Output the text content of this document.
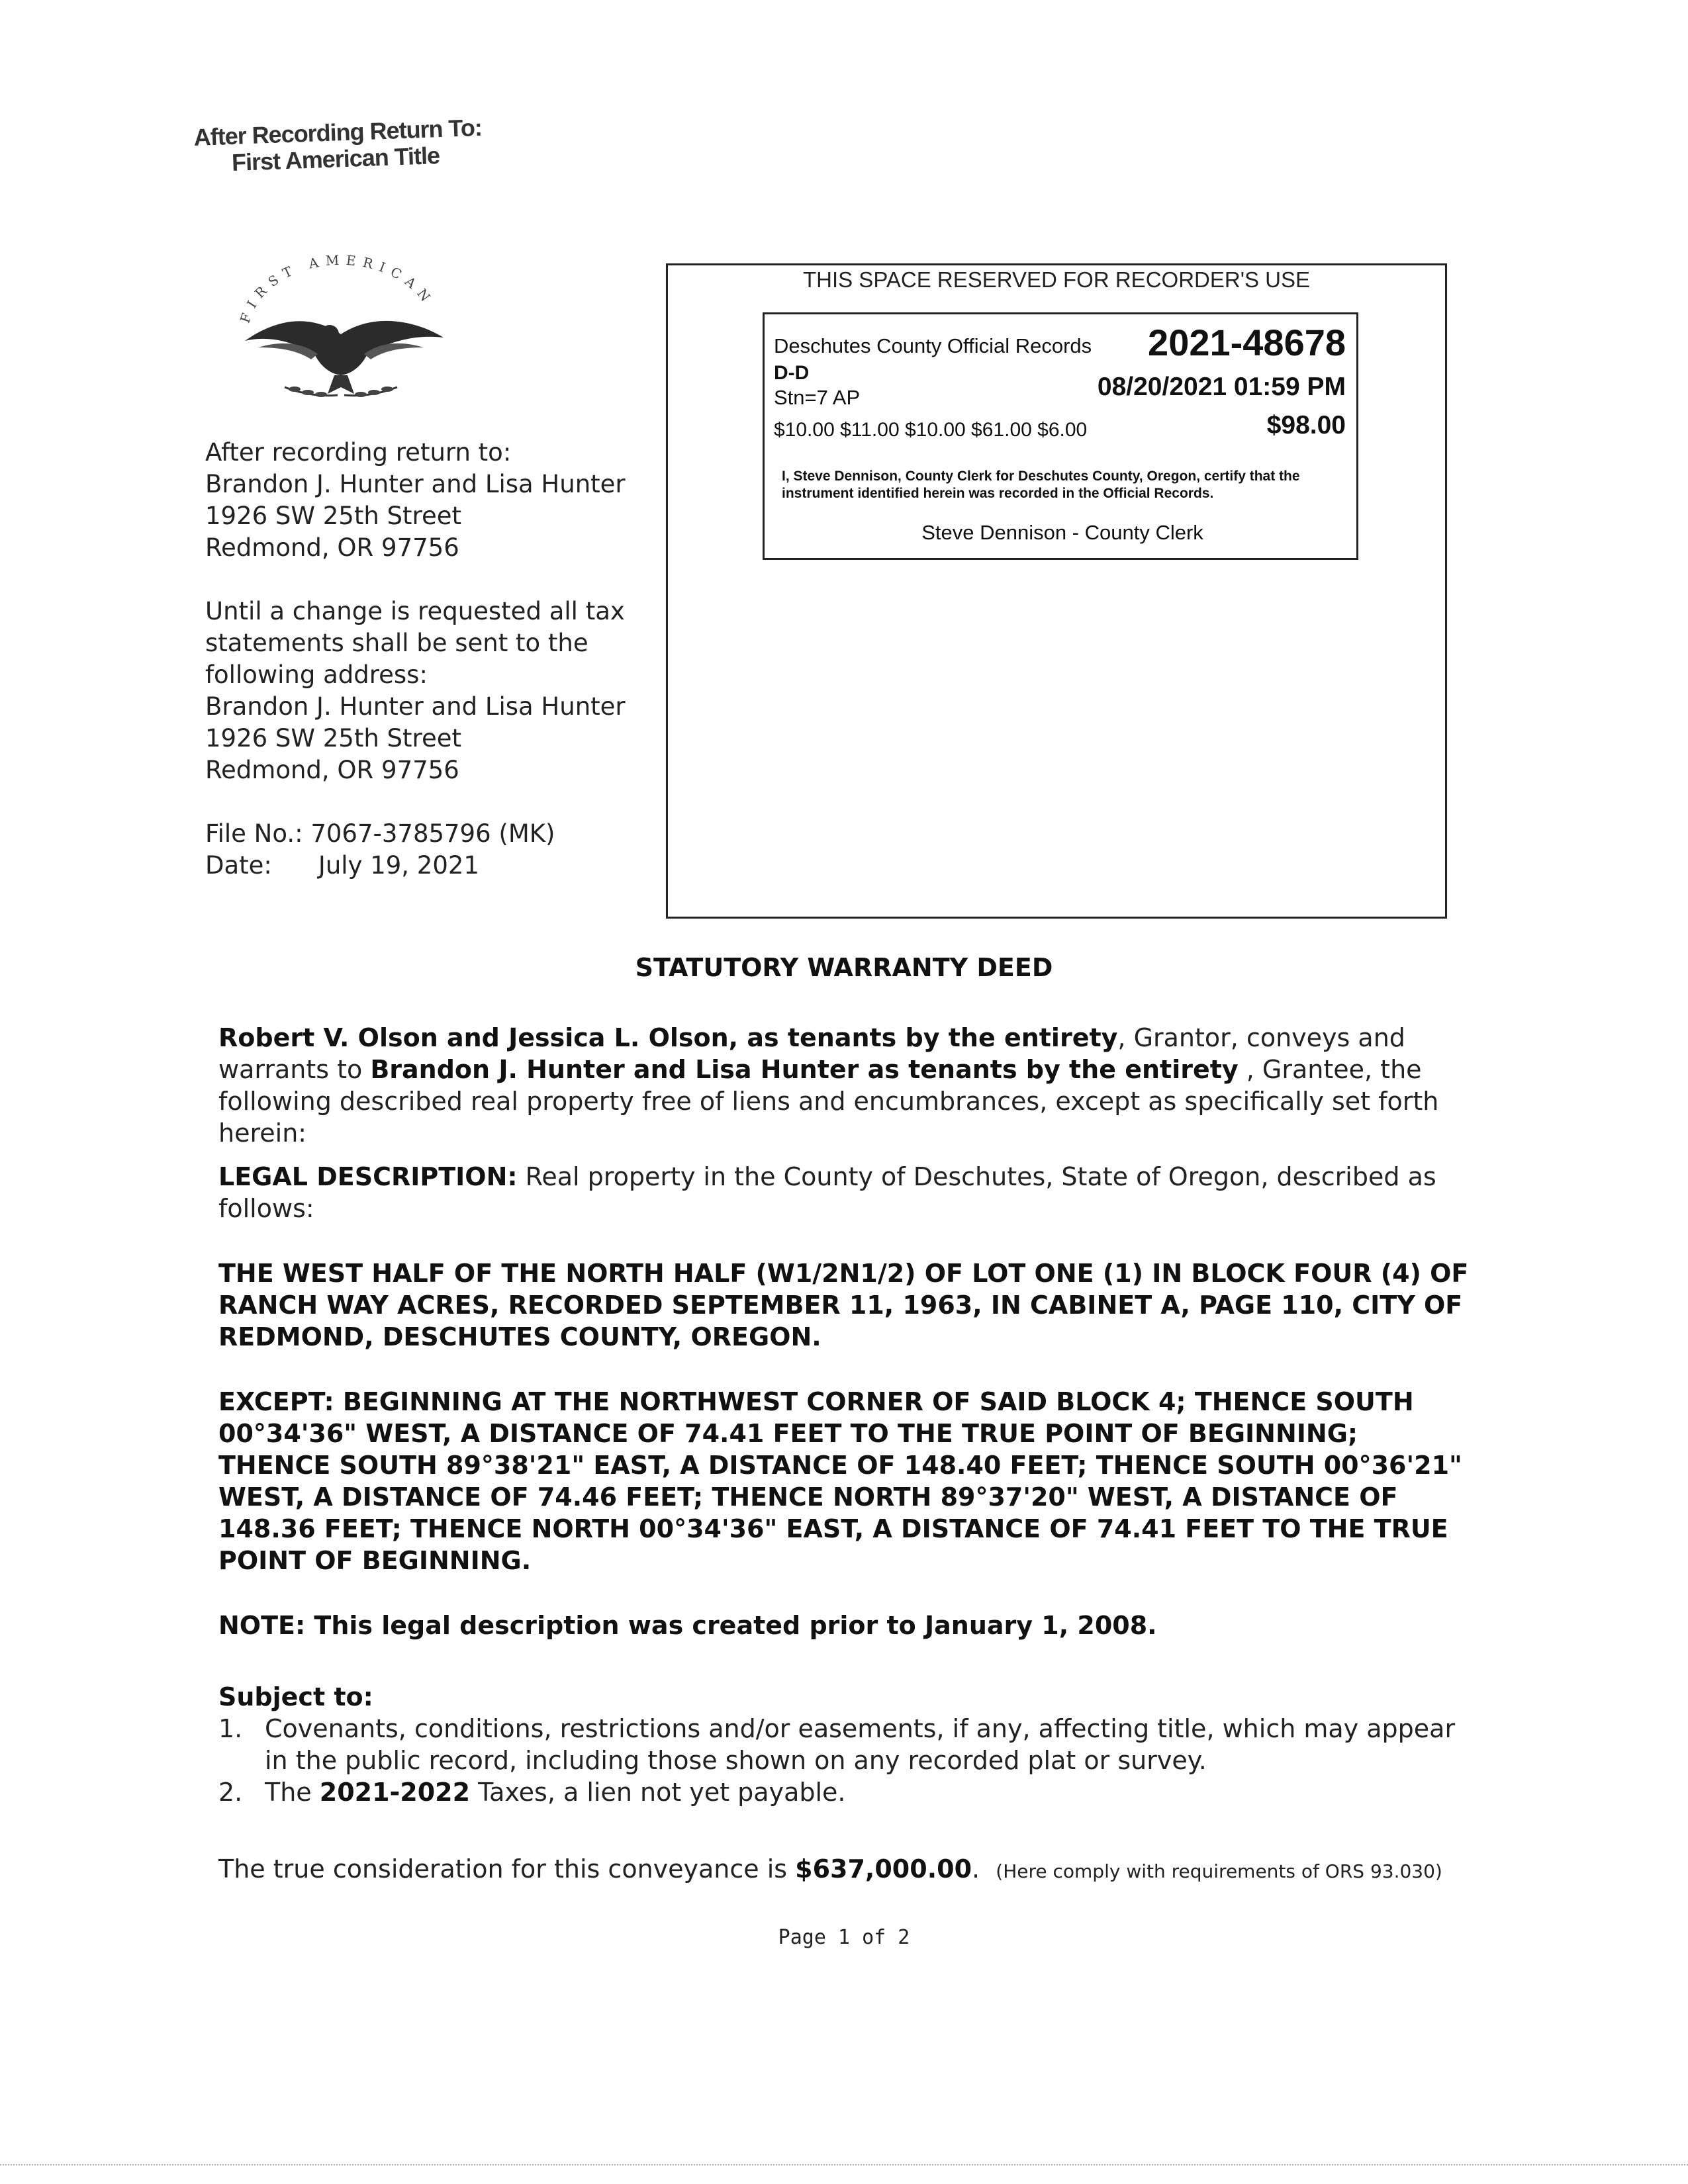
After Recording Return To:
First American Title
FIRST AMERICAN

After recording return to:

Brandon J. Hunter and Lisa Hunter

1926 SW 25th Street

Redmond, OR 97756

Until a change is requested all tax

statements shall be sent to the

following address:

Brandon J. Hunter and Lisa Hunter

1926 SW 25th Street

Redmond, OR 97756

File No.: 7067-3785796 (MK)

Date: July 19, 2021

THIS SPACE RESERVED FOR RECORDER'S USE
Deschutes County Official Records 2021-48678
D-D
Stn=7 AP	08/20/2021 01:59 PM
$10.00 $11.00 $10.00 $61.00 $6.00	$98.00
I, Steve Dennison, County Clerk for Deschutes County, Oregon, certify that the instrument identified herein was recorded in the Official Records.
Steve Dennison - County Clerk
STATUTORY WARRANTY DEED

Robert V. Olson and Jessica L. Olson, as tenants by the entirety, Grantor, conveys and warrants to Brandon J. Hunter and Lisa Hunter as tenants by the entirety , Grantee, the following described real property free of liens and encumbrances, except as specifically set forth herein:

LEGAL DESCRIPTION: Real property in the County of Deschutes, State of Oregon, described as follows:

THE WEST HALF OF THE NORTH HALF (W1/2N1/2) OF LOT ONE (1) IN BLOCK FOUR (4) OF RANCH WAY ACRES, RECORDED SEPTEMBER 11, 1963, IN CABINET A, PAGE 110, CITY OF REDMOND, DESCHUTES COUNTY, OREGON.

EXCEPT: BEGINNING AT THE NORTHWEST CORNER OF SAID BLOCK 4; THENCE SOUTH 00°34'36" WEST, A DISTANCE OF 74.41 FEET TO THE TRUE POINT OF BEGINNING; THENCE SOUTH 89°38'21" EAST, A DISTANCE OF 148.40 FEET; THENCE SOUTH 00°36'21" WEST, A DISTANCE OF 74.46 FEET; THENCE NORTH 89°37'20" WEST, A DISTANCE OF 148.36 FEET; THENCE NORTH 00°34'36" EAST, A DISTANCE OF 74.41 FEET TO THE TRUE POINT OF BEGINNING.

NOTE: This legal description was created prior to January 1, 2008.

Subject to:
1. Covenants, conditions, restrictions and/or easements, if any, affecting title, which may appear in the public record, including those shown on any recorded plat or survey.
2. The 2021-2022 Taxes, a lien not yet payable.

The true consideration for this conveyance is $637,000.00. (Here comply with requirements of ORS 93.030)

Page 1 of 2
